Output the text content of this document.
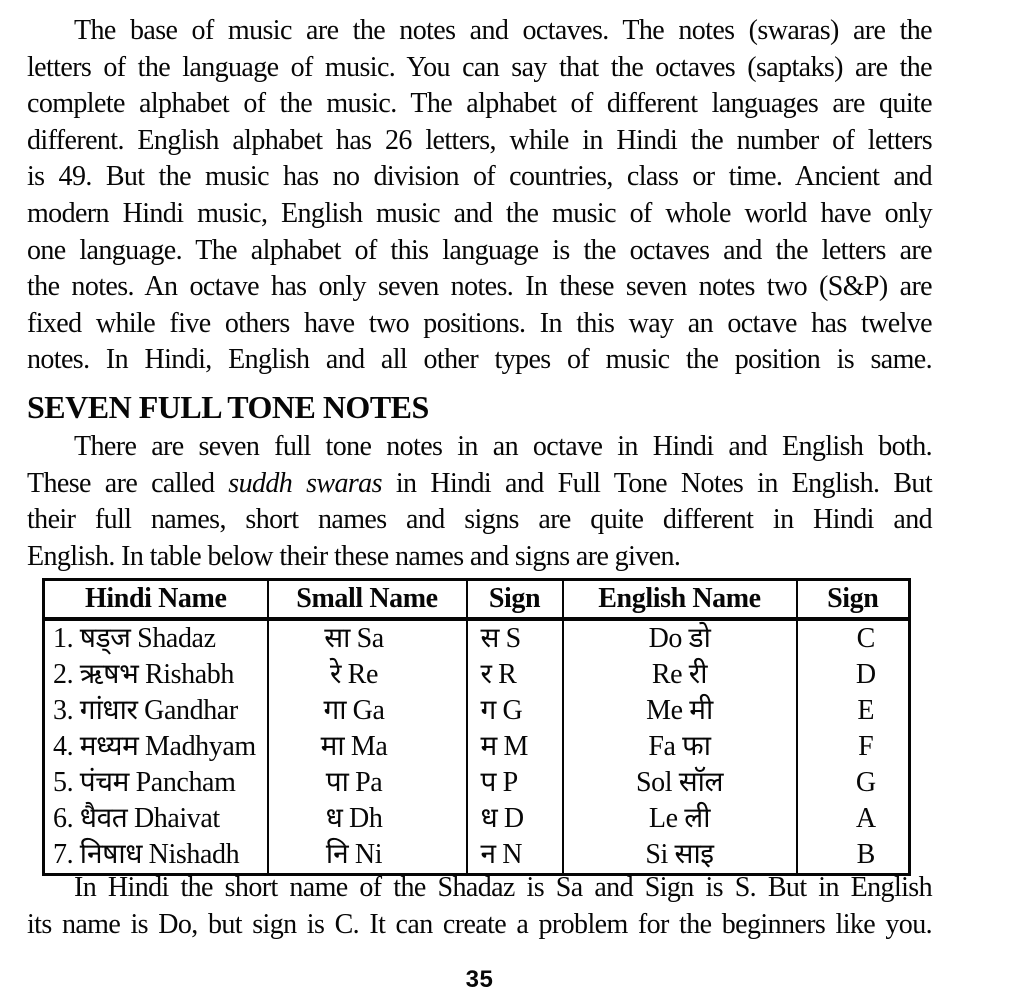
The base of music are the notes and octaves. The notes (swaras) are the
letters of the language of music. You can say that the octaves (saptaks) are the
complete alphabet of the music. The alphabet of different languages are quite
different. English alphabet has 26 letters, while in Hindi the number of letters
is 49. But the music has no division of countries, class or time. Ancient and
modern Hindi music, English music and the music of whole world have only
one language. The alphabet of this language is the octaves and the letters are
the notes. An octave has only seven notes. In these seven notes two (S&P) are
fixed while five others have two positions. In this way an octave has twelve
notes. In Hindi, English and all other types of music the position is same.
SEVEN FULL TONE NOTES
There are seven full tone notes in an octave in Hindi and English both.
These are called suddh swaras in Hindi and Full Tone Notes in English. But
their full names, short names and signs are quite different in Hindi and
English. In table below their these names and signs are given.
Hindi Name	Small Name	Sign	English Name	Sign
1. षड्ज Shadaz	सा Sa	स S	Do डो	C
2. ऋषभ Rishabh	रे Re	र R	Re री	D
3. गांधार Gandhar	गा Ga	ग G	Me मी	E
4. मध्यम Madhyam	मा Ma	म M	Fa फा	F
5. पंचम Pancham	पा Pa	प P	Sol सॉल	G
6. धैवत Dhaivat	ध Dh	ध D	Le ली	A
7. निषाध Nishadh	नि Ni	न N	Si साइ	B
In Hindi the short name of the Shadaz is Sa and Sign is S. But in English
its name is Do, but sign is C. It can create a problem for the beginners like you.
35
